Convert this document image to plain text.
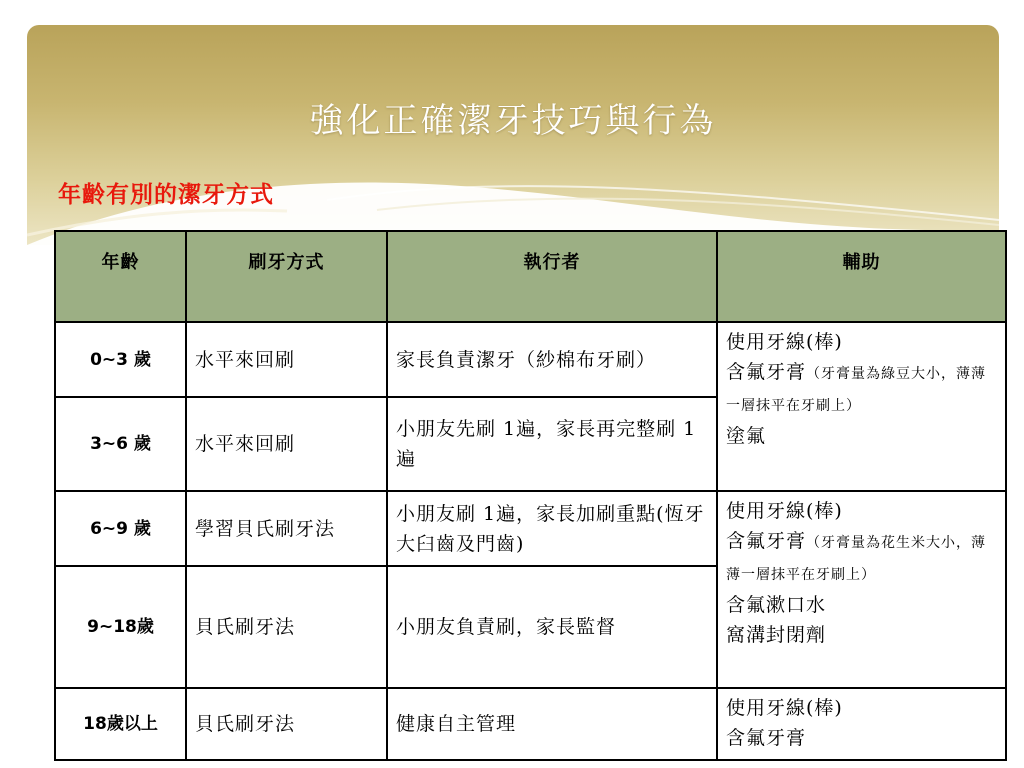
強化正確潔牙技巧與行為
年齡有別的潔牙方式
年齡	刷牙方式	執行者	輔助
0~3 歲	水平來回刷	家長負責潔牙（紗棉布牙刷）	使用牙線(棒)
含氟牙膏（牙膏量為綠豆大小，薄薄一層抹平在牙刷上）
塗氟

3~6 歲	水平來回刷	小朋友先刷 1遍，家長再完整刷 1遍	
6~9 歲	學習貝氏刷牙法	小朋友刷 1遍，家長加刷重點(恆牙大臼齒及門齒)	使用牙線(棒)
含氟牙膏（牙膏量為花生米大小，薄薄一層抹平在牙刷上）
含氟漱口水
窩溝封閉劑

9~18歲	貝氏刷牙法	小朋友負責刷，家長監督	
18歲以上	貝氏刷牙法	健康自主管理	使用牙線(棒)
含氟牙膏
